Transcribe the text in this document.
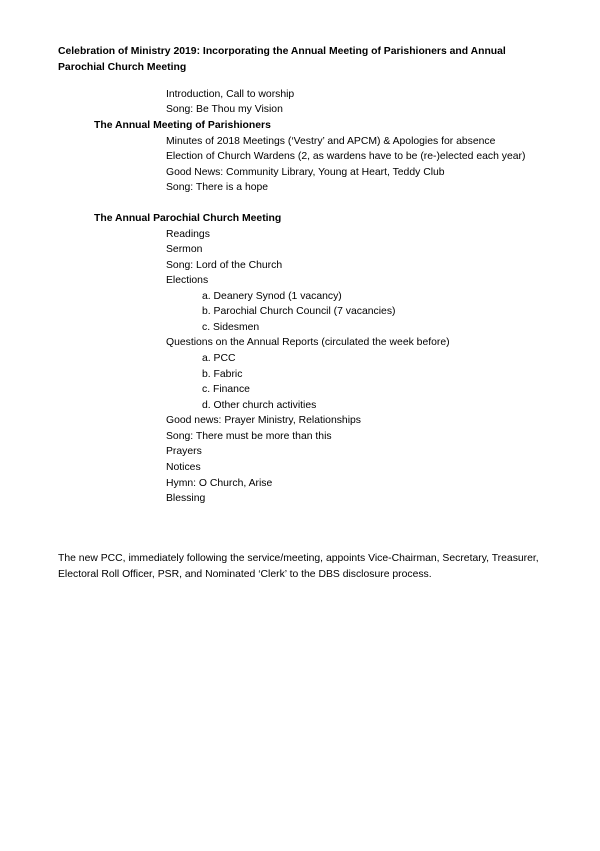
Celebration of Ministry 2019: Incorporating the Annual Meeting of Parishioners and Annual Parochial Church Meeting
Introduction, Call to worship
Song: Be Thou my Vision
The Annual Meeting of Parishioners
Minutes of 2018 Meetings (‘Vestry’ and APCM) & Apologies for absence
Election of Church Wardens (2, as wardens have to be (re-)elected each year)
Good News: Community Library, Young at Heart, Teddy Club
Song: There is a hope
The Annual Parochial Church Meeting
Readings
Sermon
Song: Lord of the Church
Elections
a. Deanery Synod (1 vacancy)
b. Parochial Church Council (7 vacancies)
c. Sidesmen
Questions on the Annual Reports (circulated the week before)
a. PCC
b. Fabric
c. Finance
d. Other church activities
Good news: Prayer Ministry, Relationships
Song: There must be more than this
Prayers
Notices
Hymn: O Church, Arise
Blessing
The new PCC, immediately following the service/meeting, appoints Vice-Chairman, Secretary, Treasurer, Electoral Roll Officer, PSR, and Nominated ‘Clerk’ to the DBS disclosure process.
